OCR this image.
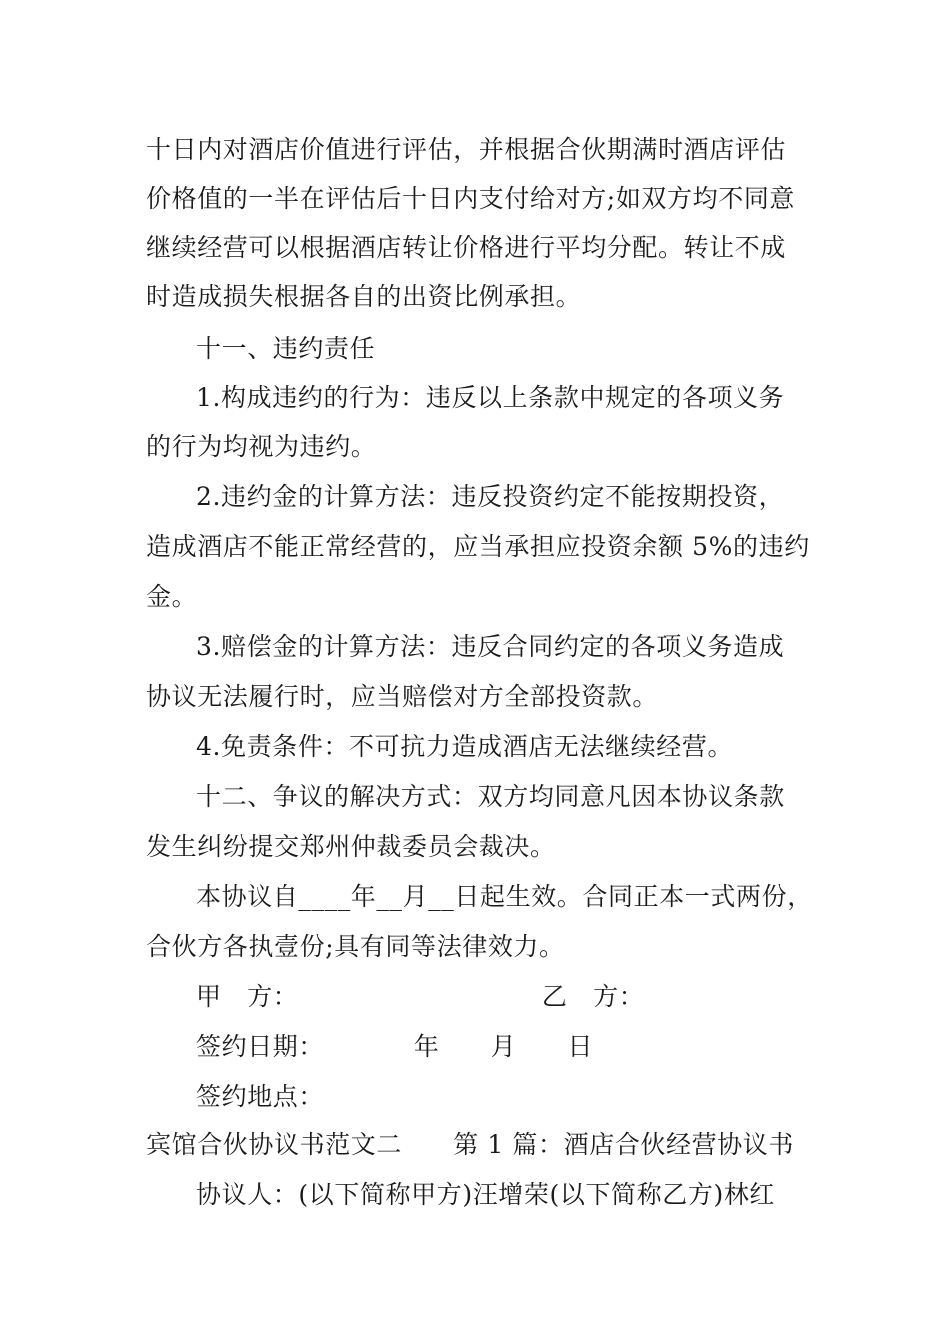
十日内对酒店价值进行评估，并根据合伙期满时酒店评估
价格值的一半在评估后十日内支付给对方;如双方均不同意
继续经营可以根据酒店转让价格进行平均分配。转让不成
时造成损失根据各自的出资比例承担。
十一、违约责任
1.构成违约的行为：违反以上条款中规定的各项义务
的行为均视为违约。
2.违约金的计算方法：违反投资约定不能按期投资，
造成酒店不能正常经营的，应当承担应投资余额 5%的违约
金。
3.赔偿金的计算方法：违反合同约定的各项义务造成
协议无法履行时，应当赔偿对方全部投资款。
4.免责条件：不可抗力造成酒店无法继续经营。
十二、争议的解决方式：双方均同意凡因本协议条款
发生纠纷提交郑州仲裁委员会裁决。
本协议自____年__月__日起生效。合同正本一式两份，
合伙方各执壹份;具有同等法律效力。
甲　方：　　　　　　　　　　乙　方：
签约日期：　　　　年　　月　　日
签约地点：
宾馆合伙协议书范文二　　第 1 篇：酒店合伙经营协议书
协议人：(以下简称甲方)汪增荣(以下简称乙方)林红
